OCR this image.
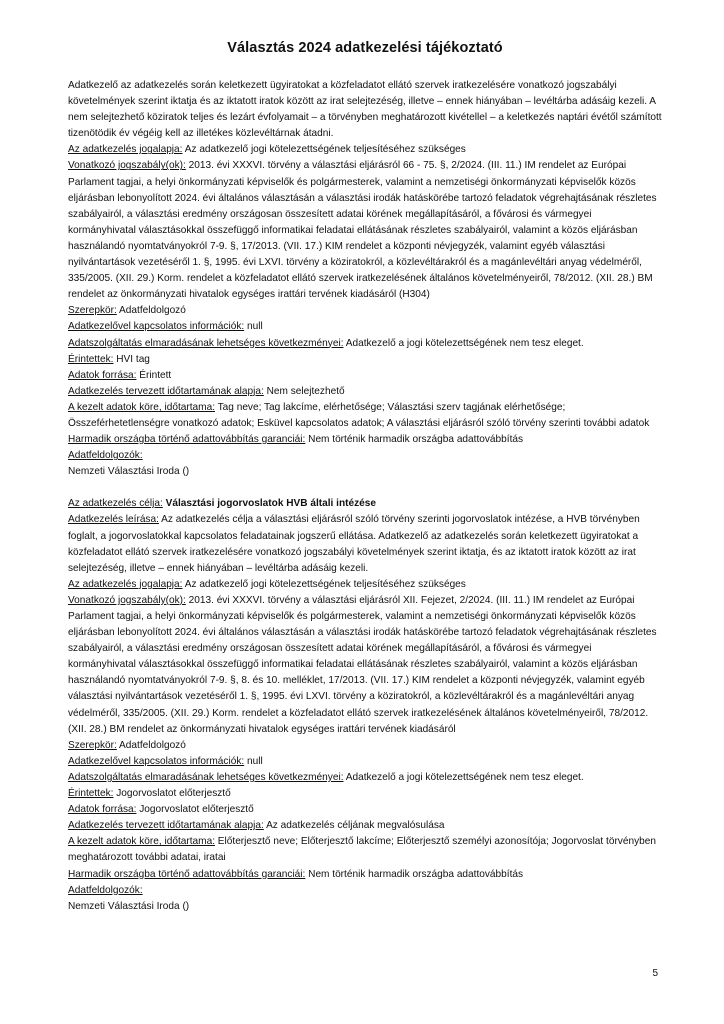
Választás 2024 adatkezelési tájékoztató

Adatkezelő az adatkezelés során keletkezett ügyiratokat a közfeladatot ellátó szervek iratkezelésére vonatkozó jogszabályi követelmények szerint iktatja és az iktatott iratok között az irat selejtezéség, illetve – ennek hiányában – levéltárba adásáig kezeli. A nem selejtezhető köziratok teljes és lezárt évfolyamait – a törvényben meghatározott kivétellel – a keletkezés naptári évétől számított tizenötödik év végéig kell az illetékes közlevéltárnak átadni.

Az adatkezelés jogalapja: Az adatkezelő jogi kötelezettségének teljesítéséhez szükséges

Vonatkozó jogszabály(ok): 2013. évi XXXVI. törvény a választási eljárásról 66 - 75. §, 2/2024. (III. 11.) IM rendelet az Európai Parlament tagjai, a helyi önkormányzati képviselők és polgármesterek, valamint a nemzetiségi önkormányzati képviselők közös eljárásban lebonyolított 2024. évi általános választásán a választási irodák hatáskörébe tartozó feladatok végrehajtásának részletes szabályairól, a választási eredmény országosan összesített adatai körének megállapításáról, a fővárosi és vármegyei kormányhivatal választásokkal összefüggő informatikai feladatai ellátásának részletes szabályairól, valamint a közös eljárásban használandó nyomtatványokról 7-9. §, 17/2013. (VII. 17.) KIM rendelet a központi névjegyzék, valamint egyéb választási nyilvántartások vezetéséről 1. §, 1995. évi LXVI. törvény a köziratokról, a közlevéltárakról és a magánlevéltári anyag védelméről, 335/2005. (XII. 29.) Korm. rendelet a közfeladatot ellátó szervek iratkezelésének általános követelményeiről, 78/2012. (XII. 28.) BM rendelet az önkormányzati hivatalok egységes irattári tervének kiadásáról (H304)

Szerepkör: Adatfeldolgozó

Adatkezelővel kapcsolatos információk: null

Adatszolgáltatás elmaradásának lehetséges következményei: Adatkezelő a jogi kötelezettségének nem tesz eleget.

Érintettek: HVI tag

Adatok forrása: Érintett

Adatkezelés tervezett időtartamának alapja: Nem selejtezhető

A kezelt adatok köre, időtartama: Tag neve; Tag lakcíme, elérhetősége; Választási szerv tagjának elérhetősége; Összeférhetetlenségre vonatkozó adatok; Esküvel kapcsolatos adatok; A választási eljárásról szóló törvény szerinti további adatok

Harmadik országba történő adattovábbítás garanciái: Nem történik harmadik országba adattovábbítás

Adatfeldolgozók:

Nemzeti Választási Iroda ()

Az adatkezelés célja: Választási jogorvoslatok HVB általi intézése

Adatkezelés leírása: Az adatkezelés célja a választási eljárásról szóló törvény szerinti jogorvoslatok intézése, a HVB törvényben foglalt, a jogorvoslatokkal kapcsolatos feladatainak jogszerű ellátása. Adatkezelő az adatkezelés során keletkezett ügyiratokat a közfeladatot ellátó szervek iratkezelésére vonatkozó jogszabályi követelmények szerint iktatja, és az iktatott iratok között az irat selejtezéség, illetve – ennek hiányában – levéltárba adásáig kezeli.

Az adatkezelés jogalapja: Az adatkezelő jogi kötelezettségének teljesítéséhez szükséges

Vonatkozó jogszabály(ok): 2013. évi XXXVI. törvény a választási eljárásról XII. Fejezet, 2/2024. (III. 11.) IM rendelet az Európai Parlament tagjai, a helyi önkormányzati képviselők és polgármesterek, valamint a nemzetiségi önkormányzati képviselők közös eljárásban lebonyolított 2024. évi általános választásán a választási irodák hatáskörébe tartozó feladatok végrehajtásának részletes szabályairól, a választási eredmény országosan összesített adatai körének megállapításáról, a fővárosi és vármegyei kormányhivatal választásokkal összefüggő informatikai feladatai ellátásának részletes szabályairól, valamint a közös eljárásban használandó nyomtatványokról 7-9. §, 8. és 10. melléklet, 17/2013. (VII. 17.) KIM rendelet a központi névjegyzék, valamint egyéb választási nyilvántartások vezetéséről 1. §, 1995. évi LXVI. törvény a köziratokról, a közlevéltárakról és a magánlevéltári anyag védelméről, 335/2005. (XII. 29.) Korm. rendelet a közfeladatot ellátó szervek iratkezelésének általános követelményeiről, 78/2012. (XII. 28.) BM rendelet az önkormányzati hivatalok egységes irattári tervének kiadásáról

Szerepkör: Adatfeldolgozó

Adatkezelővel kapcsolatos információk: null

Adatszolgáltatás elmaradásának lehetséges következményei: Adatkezelő a jogi kötelezettségének nem tesz eleget.

Érintettek: Jogorvoslatot előterjesztő

Adatok forrása: Jogorvoslatot előterjesztő

Adatkezelés tervezett időtartamának alapja: Az adatkezelés céljának megvalósulása

A kezelt adatok köre, időtartama: Előterjesztő neve; Előterjesztő lakcíme; Előterjesztő személyi azonosítója; Jogorvoslat törvényben meghatározott további adatai, iratai

Harmadik országba történő adattovábbítás garanciái: Nem történik harmadik országba adattovábbítás

Adatfeldolgozók:

Nemzeti Választási Iroda ()

5
